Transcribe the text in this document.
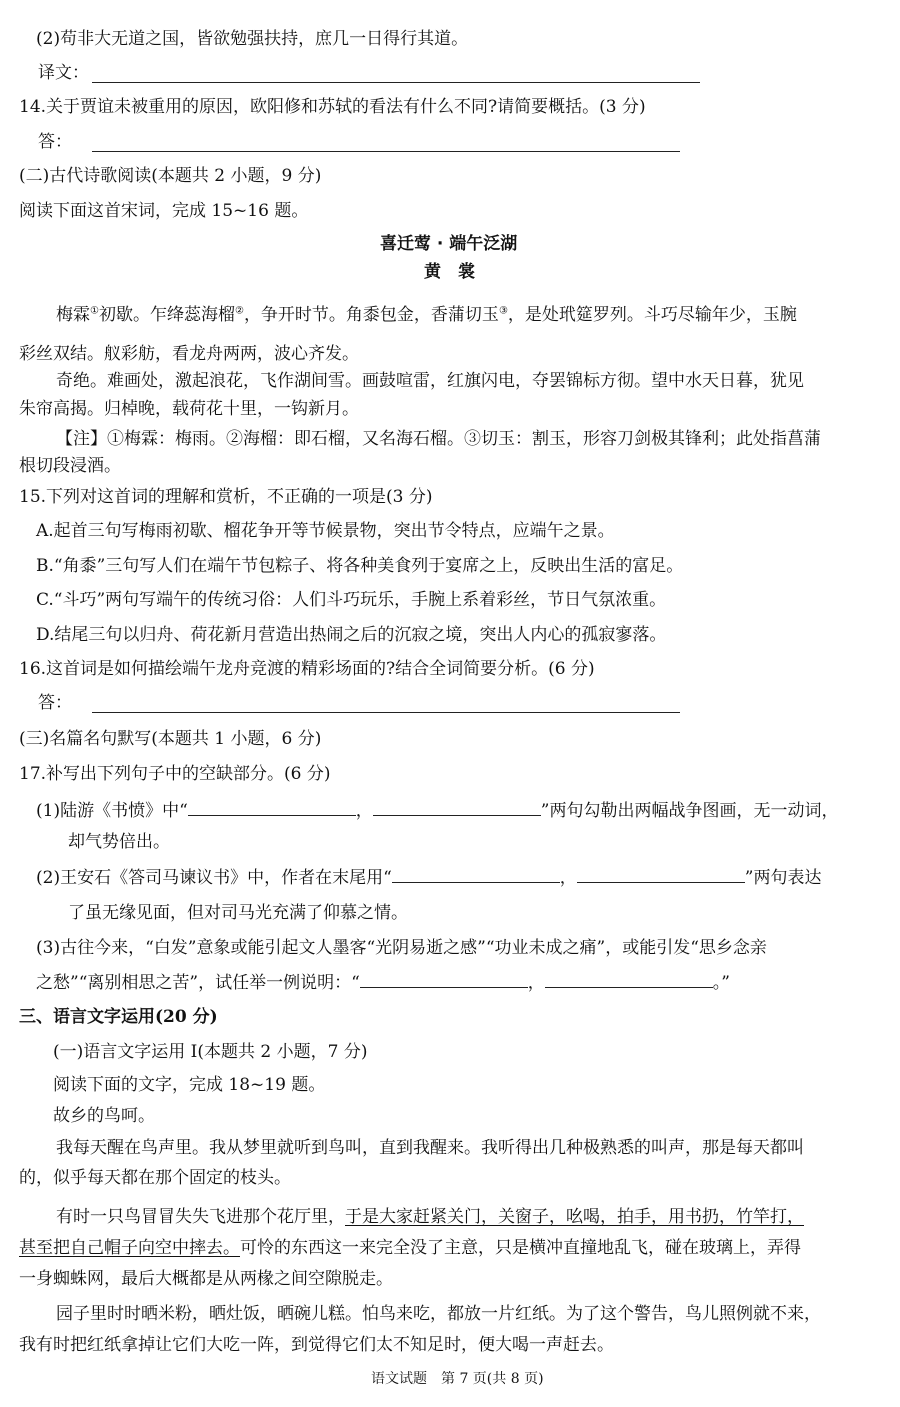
(2)苟非大无道之国，皆欲勉强扶持，庶几一日得行其道。
译文：
14.关于贾谊未被重用的原因，欧阳修和苏轼的看法有什么不同?请简要概括。(3 分)
答：
(二)古代诗歌阅读(本题共 2 小题，9 分)
阅读下面这首宋词，完成 15~16 题。
喜迁莺 · 端午泛湖
黄　裳
梅霖①初歇。乍绛蕊海榴②，争开时节。角黍包金，香蒲切玉③，是处玳筵罗列。斗巧尽输年少，玉腕
彩丝双结。舣彩舫，看龙舟两两，波心齐发。
奇绝。难画处，激起浪花，飞作湖间雪。画鼓喧雷，红旗闪电，夺罢锦标方彻。望中水天日暮，犹见
朱帘高揭。归棹晚，载荷花十里，一钩新月。
【注】①梅霖：梅雨。②海榴：即石榴，又名海石榴。③切玉：割玉，形容刀剑极其锋利；此处指菖蒲
根切段浸酒。
15.下列对这首词的理解和赏析，不正确的一项是(3 分)
A.起首三句写梅雨初歇、榴花争开等节候景物，突出节令特点，应端午之景。
B.“角黍”三句写人们在端午节包粽子、将各种美食列于宴席之上，反映出生活的富足。
C.“斗巧”两句写端午的传统习俗：人们斗巧玩乐，手腕上系着彩丝，节日气氛浓重。
D.结尾三句以归舟、荷花新月营造出热闹之后的沉寂之境，突出人内心的孤寂寥落。
16.这首词是如何描绘端午龙舟竞渡的精彩场面的?结合全词简要分析。(6 分)
答：
(三)名篇名句默写(本题共 1 小题，6 分)
17.补写出下列句子中的空缺部分。(6 分)
(1)陆游《书愤》中“	，	”两句勾勒出两幅战争图画，无一动词，
却气势倍出。
(2)王安石《答司马谏议书》中，作者在末尾用“	，	”两句表达
了虽无缘见面，但对司马光充满了仰慕之情。
(3)古往今来，“白发”意象或能引起文人墨客“光阴易逝之感”“功业未成之痛”，或能引发“思乡念亲
之愁”“离别相思之苦”，试任举一例说明：“	，	。”
三、语言文字运用(20 分)
(一)语言文字运用 I(本题共 2 小题，7 分)
阅读下面的文字，完成 18~19 题。
故乡的鸟呵。
我每天醒在鸟声里。我从梦里就听到鸟叫，直到我醒来。我听得出几种极熟悉的叫声，那是每天都叫
的，似乎每天都在那个固定的枝头。
有时一只鸟冒冒失失飞进那个花厅里，于是大家赶紧关门，关窗子，吆喝，拍手，用书扔，竹竿打，
甚至把自己帽子向空中摔去。可怜的东西这一来完全没了主意，只是横冲直撞地乱飞，碰在玻璃上，弄得
一身蜘蛛网，最后大概都是从两椽之间空隙脱走。
园子里时时晒米粉，晒灶饭，晒碗儿糕。怕鸟来吃，都放一片红纸。为了这个警告，鸟儿照例就不来，
我有时把红纸拿掉让它们大吃一阵，到觉得它们太不知足时，便大喝一声赶去。
语文试题　第 7 页(共 8 页)
